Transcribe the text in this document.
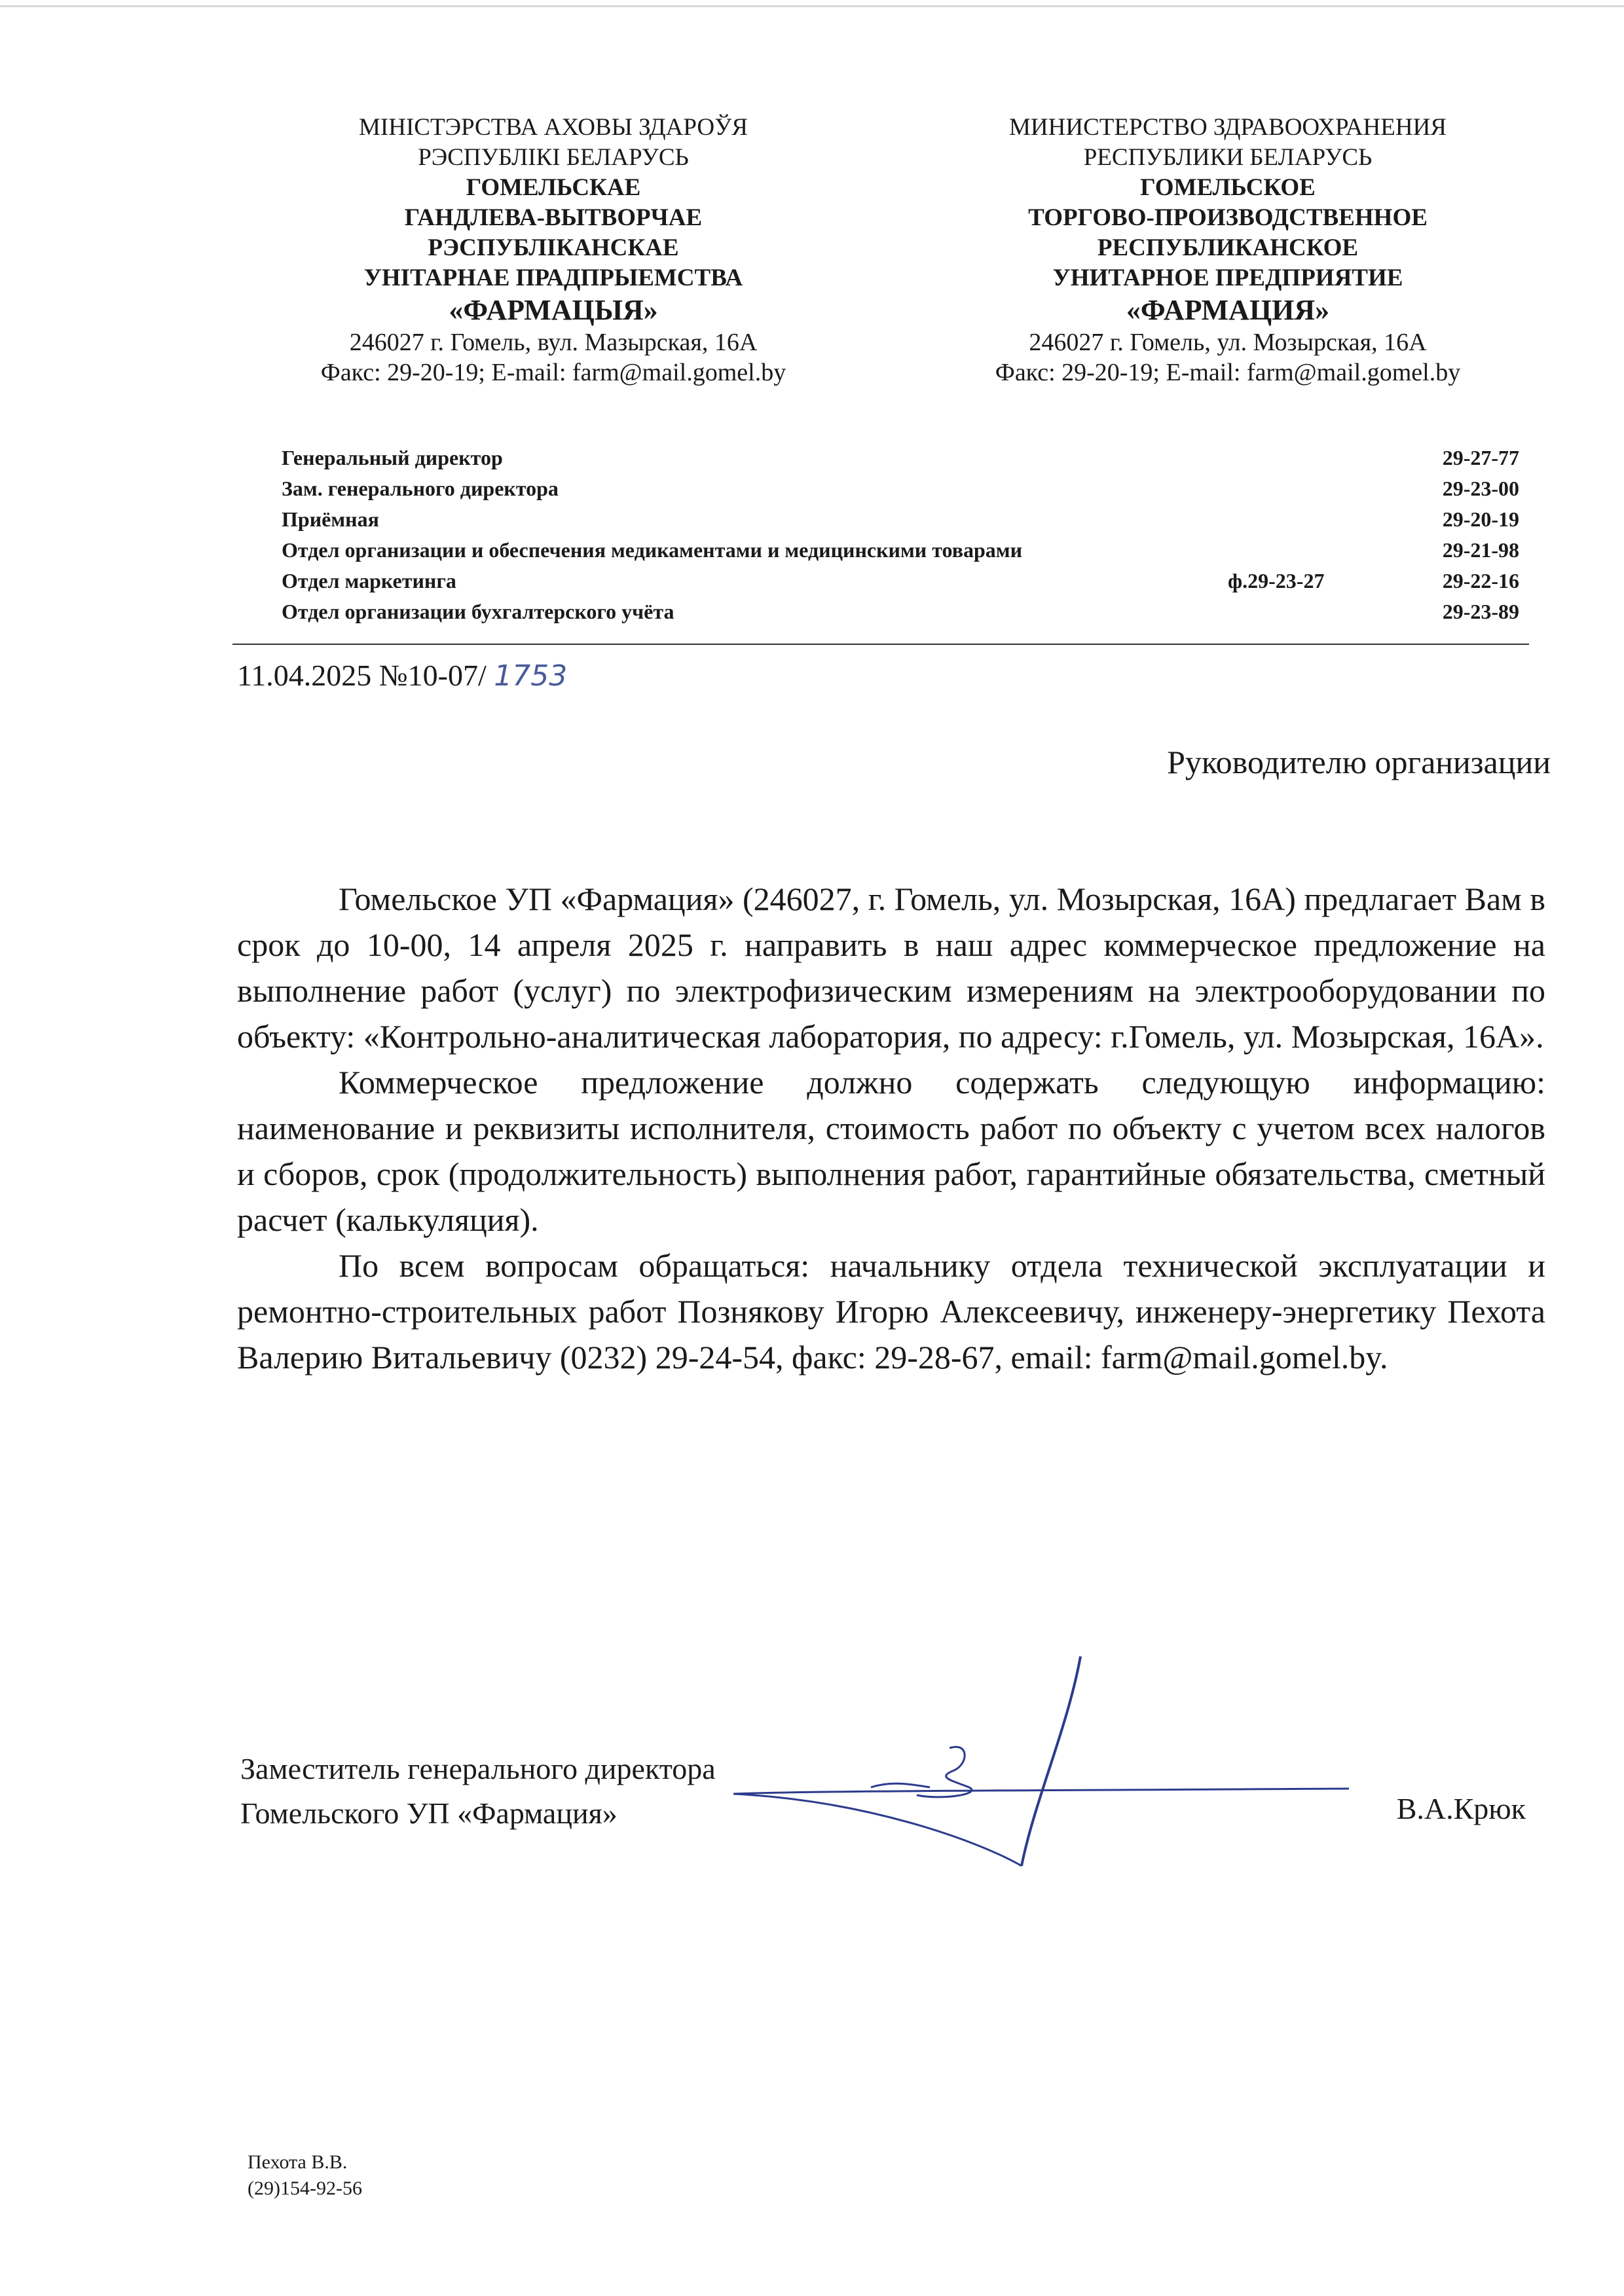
МІНІСТЭРСТВА АХОВЫ ЗДАРОЎЯ
РЭСПУБЛІКІ БЕЛАРУСЬ
ГОМЕЛЬСКАЕ
ГАНДЛЕВА-ВЫТВОРЧАЕ
РЭСПУБЛІКАНСКАЕ
УНІТАРНАЕ ПРАДПРЫЕМСТВА
«ФАРМАЦЫЯ»
246027 г. Гомель, вул. Мазырская, 16А
Факс: 29-20-19; E-mail: farm@mail.gomel.by
МИНИСТЕРСТВО ЗДРАВООХРАНЕНИЯ
РЕСПУБЛИКИ БЕЛАРУСЬ
ГОМЕЛЬСКОЕ
ТОРГОВО-ПРОИЗВОДСТВЕННОЕ
РЕСПУБЛИКАНСКОЕ
УНИТАРНОЕ ПРЕДПРИЯТИЕ
«ФАРМАЦИЯ»
246027 г. Гомель, ул. Мозырская, 16А
Факс: 29-20-19; E-mail: farm@mail.gomel.by
Генеральный директор	29-27-77
Зам. генерального директора	29-23-00
Приёмная	29-20-19
Отдел организации и обеспечения медикаментами и медицинскими товарами	29-21-98
Отдел маркетинга	ф.29-23-27	29-22-16
Отдел организации бухгалтерского учёта	29-23-89
11.04.2025 №10-07/ 1753
Руководителю организации

Гомельское УП «Фармация» (246027, г. Гомель, ул. Мозырская, 16А) предлагает Вам в срок до 10-00, 14 апреля 2025 г. направить в наш адрес коммерческое предложение на выполнение работ (услуг) по электрофизическим измерениям на электрооборудовании по объекту: «Контрольно-аналитическая лаборатория, по адресу: г.Гомель, ул. Мозырская, 16А».

Коммерческое предложение должно содержать следующую информацию: наименование и реквизиты исполнителя, стоимость работ по объекту с учетом всех налогов и сборов, срок (продолжительность) выполнения работ, гарантийные обязательства, сметный расчет (калькуляция).

По всем вопросам обращаться: начальнику отдела технической эксплуатации и ремонтно-строительных работ Познякову Игорю Алексеевичу, инженеру-энергетику Пехота Валерию Витальевичу (0232) 29-24-54, факс: 29-28-67, email: farm@mail.gomel.by.

Заместитель генерального директора
Гомельского УП «Фармация»	В.А.Крюк
Пехота В.В.
(29)154-92-56
